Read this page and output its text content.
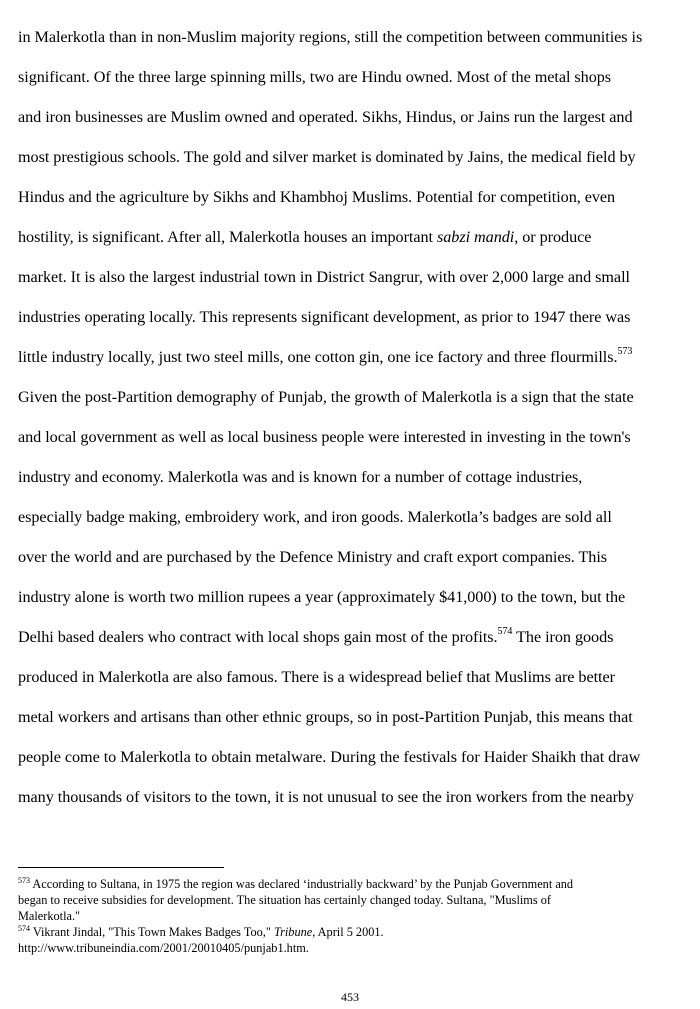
in Malerkotla than in non-Muslim majority regions, still the competition between communities is
significant. Of the three large spinning mills, two are Hindu owned. Most of the metal shops
and iron businesses are Muslim owned and operated. Sikhs, Hindus, or Jains run the largest and
most prestigious schools. The gold and silver market is dominated by Jains, the medical field by
Hindus and the agriculture by Sikhs and Khambhoj Muslims. Potential for competition, even
hostility, is significant. After all, Malerkotla houses an important sabzi mandi, or produce
market. It is also the largest industrial town in District Sangrur, with over 2,000 large and small
industries operating locally. This represents significant development, as prior to 1947 there was
little industry locally, just two steel mills, one cotton gin, one ice factory and three flourmills.$^{573}$
Given the post-Partition demography of Punjab, the growth of Malerkotla is a sign that the state
and local government as well as local business people were interested in investing in the town's
industry and economy. Malerkotla was and is known for a number of cottage industries,
especially badge making, embroidery work, and iron goods. Malerkotla’s badges are sold all
over the world and are purchased by the Defence Ministry and craft export companies. This
industry alone is worth two million rupees a year (approximately $41,000) to the town, but the
Delhi based dealers who contract with local shops gain most of the profits.$^{574}$ The iron goods
produced in Malerkotla are also famous. There is a widespread belief that Muslims are better
metal workers and artisans than other ethnic groups, so in post-Partition Punjab, this means that
people come to Malerkotla to obtain metalware. During the festivals for Haider Shaikh that draw
many thousands of visitors to the town, it is not unusual to see the iron workers from the nearby
$^{573}$ According to Sultana, in 1975 the region was declared ‘industrially backward’ by the Punjab Government and
began to receive subsidies for development. The situation has certainly changed today. Sultana, "Muslims of
Malerkotla."
$^{574}$ Vikrant Jindal, "This Town Makes Badges Too," Tribune, April 5 2001.
http://www.tribuneindia.com/2001/20010405/punjab1.htm.
453
